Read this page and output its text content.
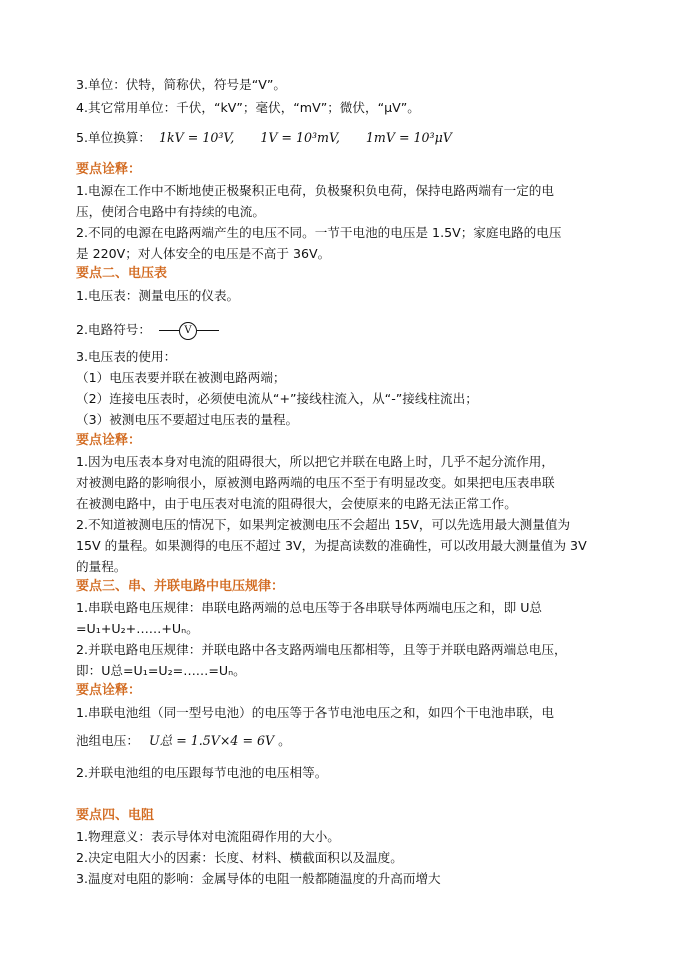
3.单位：伏特，简称伏，符号是“V”。
4.其它常用单位：千伏，“kV”；毫伏，“mV”；微伏，“μV”。
5.单位换算： 1kV = 10³V, 1V = 10³mV, 1mV = 10³μV
要点诠释：
1.电源在工作中不断地使正极聚积正电荷，负极聚积负电荷，保持电路两端有一定的电
压，使闭合电路中有持续的电流。
2.不同的电源在电路两端产生的电压不同。一节干电池的电压是 1.5V；家庭电路的电压
是 220V；对人体安全的电压是不高于 36V。
要点二、电压表
1.电压表：测量电压的仪表。
2.电路符号：	V
3.电压表的使用：
（1）电压表要并联在被测电路两端；
（2）连接电压表时，必须使电流从“+”接线柱流入，从“-”接线柱流出；
（3）被测电压不要超过电压表的量程。
要点诠释：
1.因为电压表本身对电流的阻碍很大，所以把它并联在电路上时，几乎不起分流作用，
对被测电路的影响很小，原被测电路两端的电压不至于有明显改变。如果把电压表串联
在被测电路中，由于电压表对电流的阻碍很大，会使原来的电路无法正常工作。
2.不知道被测电压的情况下，如果判定被测电压不会超出 15V，可以先选用最大测量值为
15V 的量程。如果测得的电压不超过 3V，为提高读数的准确性，可以改用最大测量值为 3V
的量程。
要点三、串、并联电路中电压规律：
1.串联电路电压规律：串联电路两端的总电压等于各串联导体两端电压之和，即 U总
=U₁+U₂+……+Uₙ。
2.并联电路电压规律：并联电路中各支路两端电压都相等，且等于并联电路两端总电压，
即：U总=U₁=U₂=……=Uₙ。
要点诠释：
1.串联电池组（同一型号电池）的电压等于各节电池电压之和，如四个干电池串联，电
池组电压： U总 = 1.5V×4 = 6V 。
2.并联电池组的电压跟每节电池的电压相等。
要点四、电阻
1.物理意义：表示导体对电流阻碍作用的大小。
2.决定电阻大小的因素：长度、材料、横截面积以及温度。
3.温度对电阻的影响：金属导体的电阻一般都随温度的升高而增大
